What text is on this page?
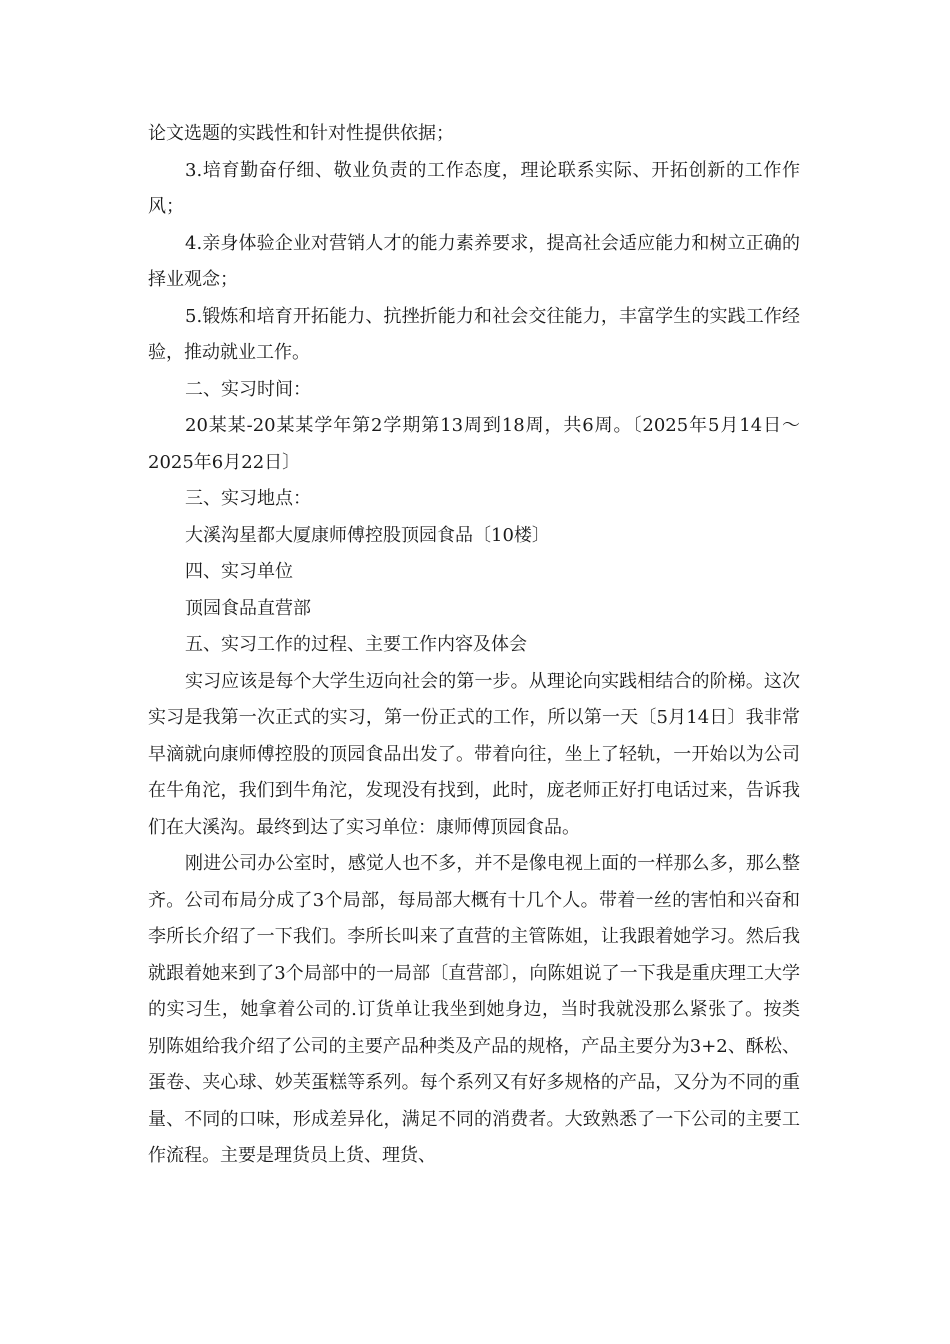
论文选题的实践性和针对性提供依据；

3.培育勤奋仔细、敬业负责的工作态度，理论联系实际、开拓创新的工作作风；

4.亲身体验企业对营销人才的能力素养要求，提高社会适应能力和树立正确的择业观念；

5.锻炼和培育开拓能力、抗挫折能力和社会交往能力，丰富学生的实践工作经验，推动就业工作。

二、实习时间：

20某某-20某某学年第2学期第13周到18周，共6周。〔2025年5月14日～2025年6月22日〕

三、实习地点：

大溪沟星都大厦康师傅控股顶园食品〔10楼〕

四、实习单位

顶园食品直营部

五、实习工作的过程、主要工作内容及体会

实习应该是每个大学生迈向社会的第一步。从理论向实践相结合的阶梯。这次实习是我第一次正式的实习，第一份正式的工作，所以第一天〔5月14日〕我非常早滴就向康师傅控股的顶园食品出发了。带着向往，坐上了轻轨，一开始以为公司在牛角沱，我们到牛角沱，发现没有找到，此时，庞老师正好打电话过来，告诉我们在大溪沟。最终到达了实习单位：康师傅顶园食品。

刚进公司办公室时，感觉人也不多，并不是像电视上面的一样那么多，那么整齐。公司布局分成了3个局部，每局部大概有十几个人。带着一丝的害怕和兴奋和李所长介绍了一下我们。李所长叫来了直营的主管陈姐，让我跟着她学习。然后我就跟着她来到了3个局部中的一局部〔直营部〕，向陈姐说了一下我是重庆理工大学的实习生，她拿着公司的.订货单让我坐到她身边，当时我就没那么紧张了。按类别陈姐给我介绍了公司的主要产品种类及产品的规格，产品主要分为3+2、酥松、蛋卷、夹心球、妙芙蛋糕等系列。每个系列又有好多规格的产品，又分为不同的重量、不同的口味，形成差异化，满足不同的消费者。大致熟悉了一下公司的主要工作流程。主要是理货员上货、理货、
